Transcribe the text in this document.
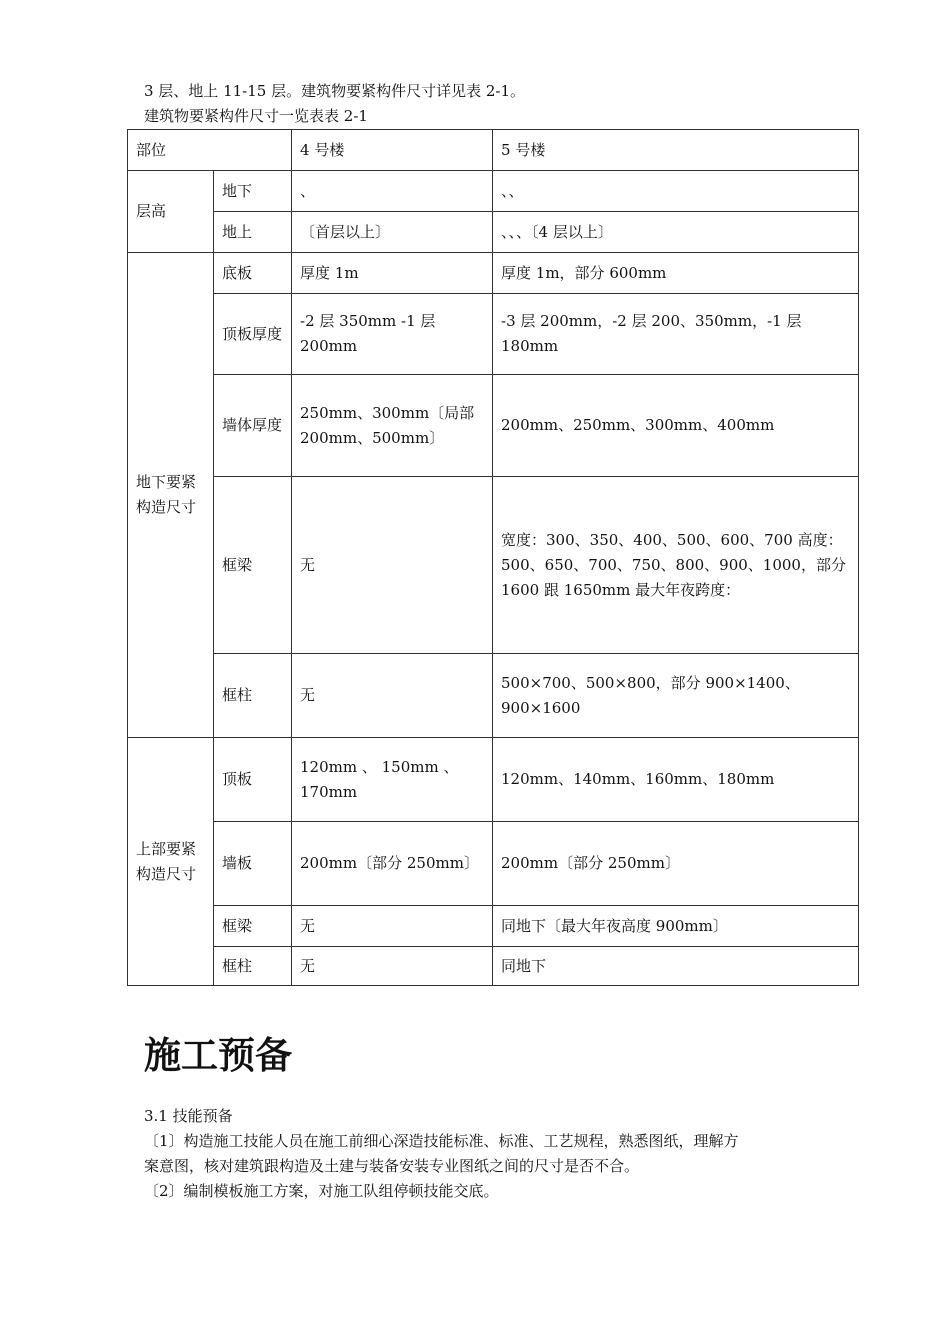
3 层、地上 11-15 层。建筑物要紧构件尺寸详见表 2-1。
建筑物要紧构件尺寸一览表表 2-1
部位		4 号楼	5 号楼
层高	地下	、	、、
	地上	〔首层以上〕	、、、〔4 层以上〕
地下要紧构造尺寸	底板	厚度 1m	厚度 1m，部分 600mm
	顶板厚度	-2 层 350mm -1 层 200mm	-3 层 200mm，-2 层 200、350mm，-1 层 180mm
	墙体厚度	250mm、300mm〔局部 200mm、500mm〕	200mm、250mm、300mm、400mm
	框梁	无	宽度：300、350、400、500、600、700 高度：500、650、700、750、800、900、1000，部分 1600 跟 1650mm 最大年夜跨度：
	框柱	无	500×700、500×800，部分 900×1400、900×1600
上部要紧构造尺寸	顶板	120mm 、 150mm 、 170mm	120mm、140mm、160mm、180mm
	墙板	200mm〔部分 250mm〕	200mm〔部分 250mm〕
	框梁	无	同地下〔最大年夜高度 900mm〕
	框柱	无	同地下
施工预备
3.1 技能预备
〔1〕构造施工技能人员在施工前细心深造技能标准、标准、工艺规程，熟悉图纸，理解方
案意图，核对建筑跟构造及土建与装备安装专业图纸之间的尺寸是否不合。
〔2〕编制模板施工方案，对施工队组停顿技能交底。
